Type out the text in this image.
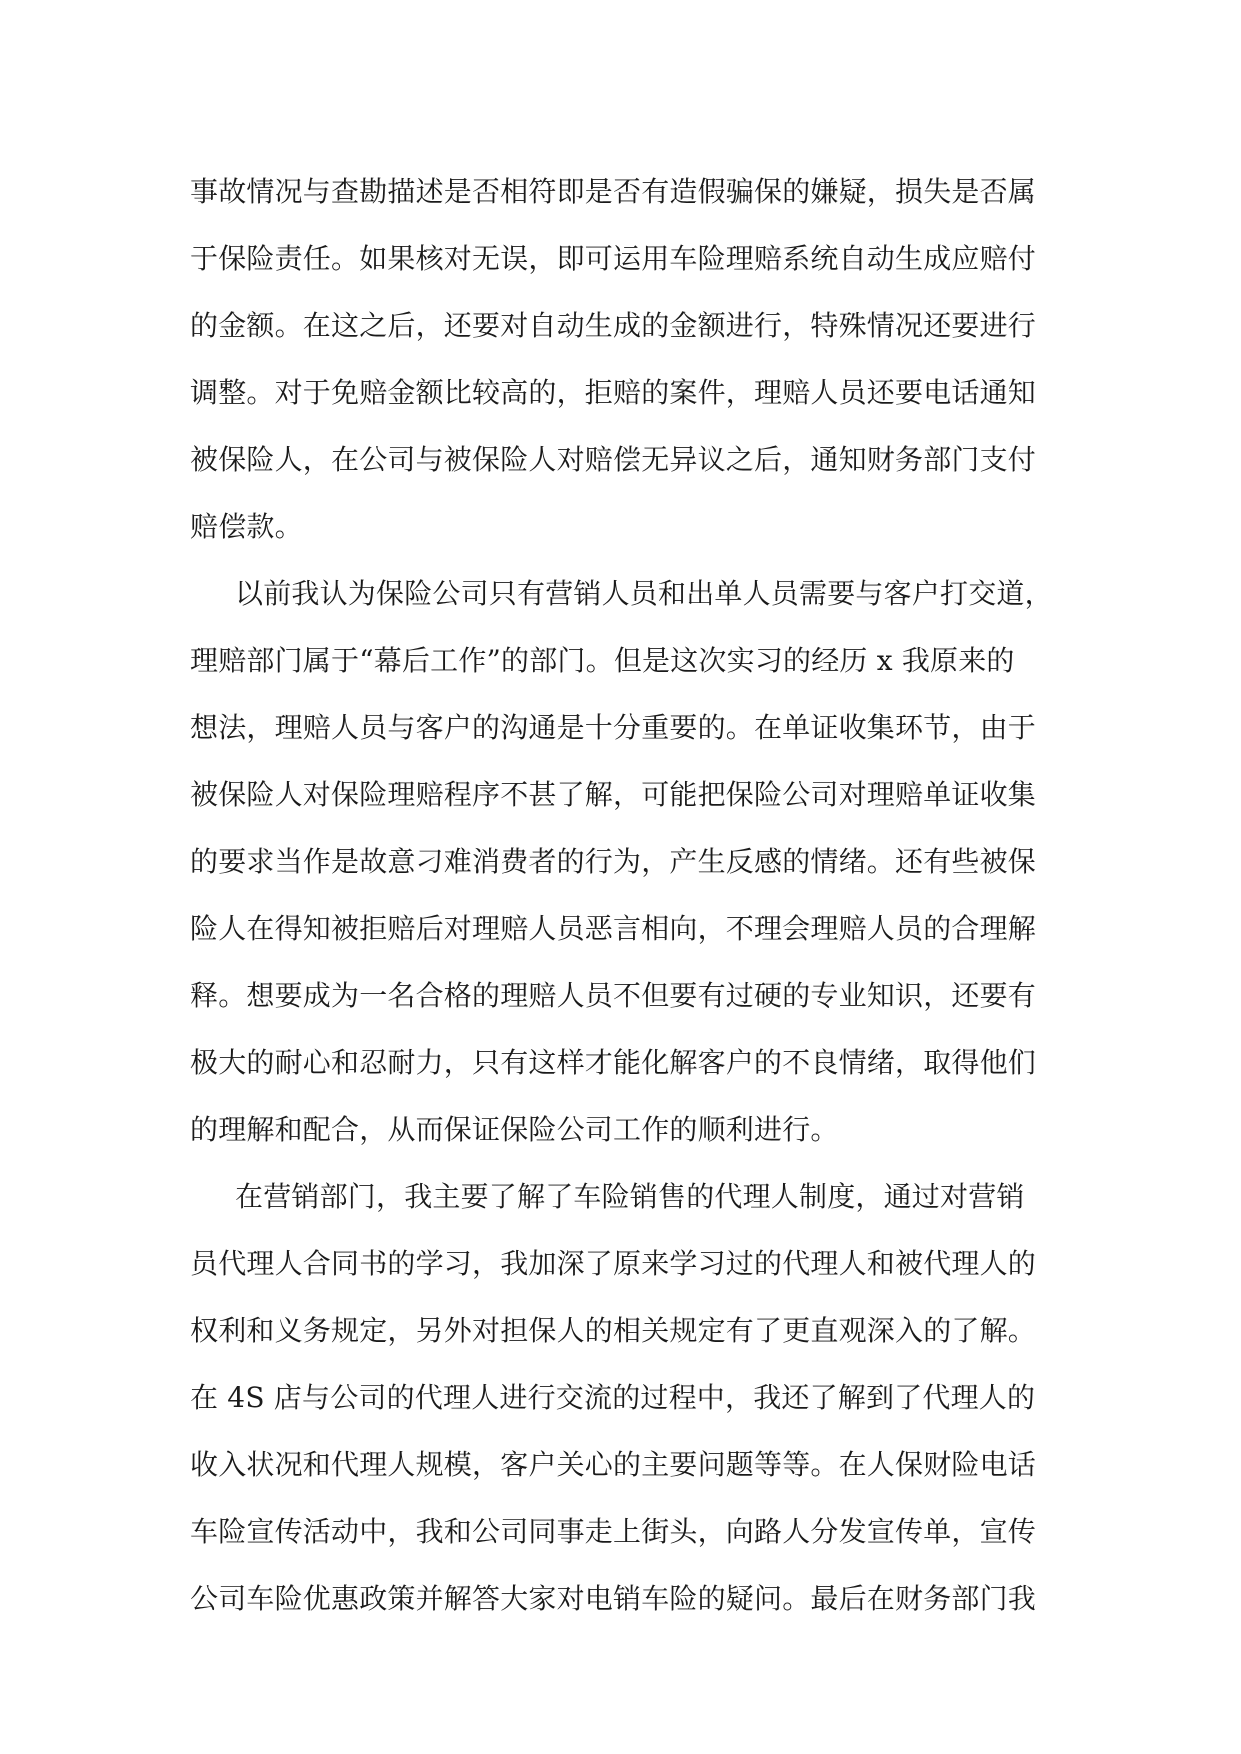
事故情况与查勘描述是否相符即是否有造假骗保的嫌疑，损失是否属
于保险责任。如果核对无误，即可运用车险理赔系统自动生成应赔付
的金额。在这之后，还要对自动生成的金额进行，特殊情况还要进行
调整。对于免赔金额比较高的，拒赔的案件，理赔人员还要电话通知
被保险人，在公司与被保险人对赔偿无异议之后，通知财务部门支付
赔偿款。
以前我认为保险公司只有营销人员和出单人员需要与客户打交道，
理赔部门属于“幕后工作”的部门。但是这次实习的经历 x 我原来的
想法，理赔人员与客户的沟通是十分重要的。在单证收集环节，由于
被保险人对保险理赔程序不甚了解，可能把保险公司对理赔单证收集
的要求当作是故意刁难消费者的行为，产生反感的情绪。还有些被保
险人在得知被拒赔后对理赔人员恶言相向，不理会理赔人员的合理解
释。想要成为一名合格的理赔人员不但要有过硬的专业知识，还要有
极大的耐心和忍耐力，只有这样才能化解客户的不良情绪，取得他们
的理解和配合，从而保证保险公司工作的顺利进行。
在营销部门，我主要了解了车险销售的代理人制度，通过对营销
员代理人合同书的学习，我加深了原来学习过的代理人和被代理人的
权利和义务规定，另外对担保人的相关规定有了更直观深入的了解。
在 4S 店与公司的代理人进行交流的过程中，我还了解到了代理人的
收入状况和代理人规模，客户关心的主要问题等等。在人保财险电话
车险宣传活动中，我和公司同事走上街头，向路人分发宣传单，宣传
公司车险优惠政策并解答大家对电销车险的疑问。最后在财务部门我
